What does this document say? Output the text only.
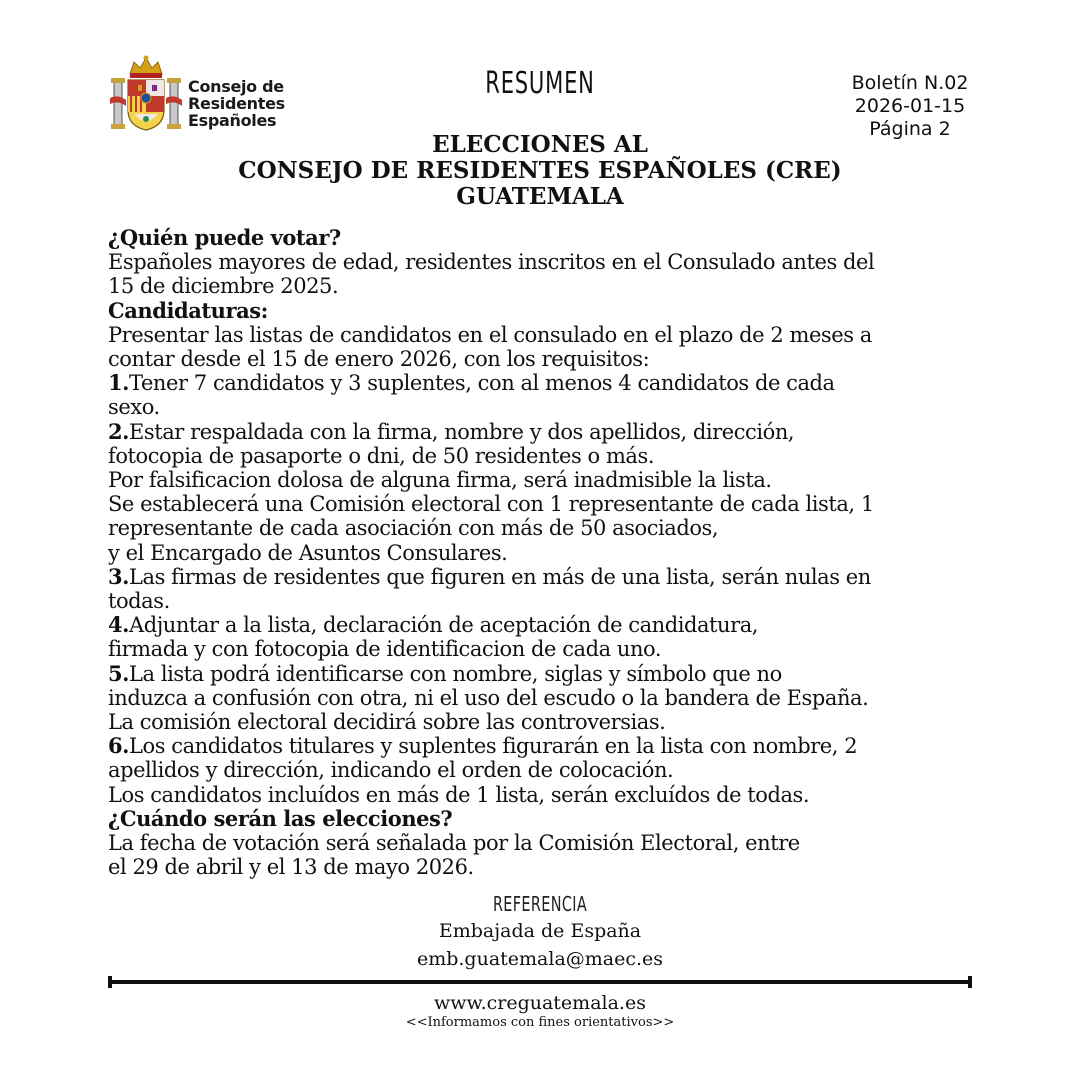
Consejo de
Residentes
Españoles
RESUMEN	Boletín N.02
2026-01-15
Página 2
ELECCIONES AL
CONSEJO DE RESIDENTES ESPAÑOLES (CRE)
GUATEMALA

¿Quién puede votar?

Españoles mayores de edad, residentes inscritos en el Consulado antes del

15 de diciembre 2025.

Candidaturas:

Presentar las listas de candidatos en el consulado en el plazo de 2 meses a

contar desde el 15 de enero 2026, con los requisitos:

1.Tener 7 candidatos y 3 suplentes, con al menos 4 candidatos de cada

sexo.

2.Estar respaldada con la firma, nombre y dos apellidos, dirección,

fotocopia de pasaporte o dni, de 50 residentes o más.

Por falsificacion dolosa de alguna firma, será inadmisible la lista.

Se establecerá una Comisión electoral con 1 representante de cada lista, 1

representante de cada asociación con más de 50 asociados,

y el Encargado de Asuntos Consulares.

3.Las firmas de residentes que figuren en más de una lista, serán nulas en

todas.

4.Adjuntar a la lista, declaración de aceptación de candidatura,

firmada y con fotocopia de identificacion de cada uno.

5.La lista podrá identificarse con nombre, siglas y símbolo que no

induzca a confusión con otra, ni el uso del escudo o la bandera de España.

La comisión electoral decidirá sobre las controversias.

6.Los candidatos titulares y suplentes figurarán en la lista con nombre, 2

apellidos y dirección, indicando el orden de colocación.

Los candidatos incluídos en más de 1 lista, serán excluídos de todas.

¿Cuándo serán las elecciones?

La fecha de votación será señalada por la Comisión Electoral, entre

el 29 de abril y el 13 de mayo 2026.

REFERENCIA
Embajada de España
emb.guatemala@maec.es
www.creguatemala.es
<<Informamos con fines orientativos>>
